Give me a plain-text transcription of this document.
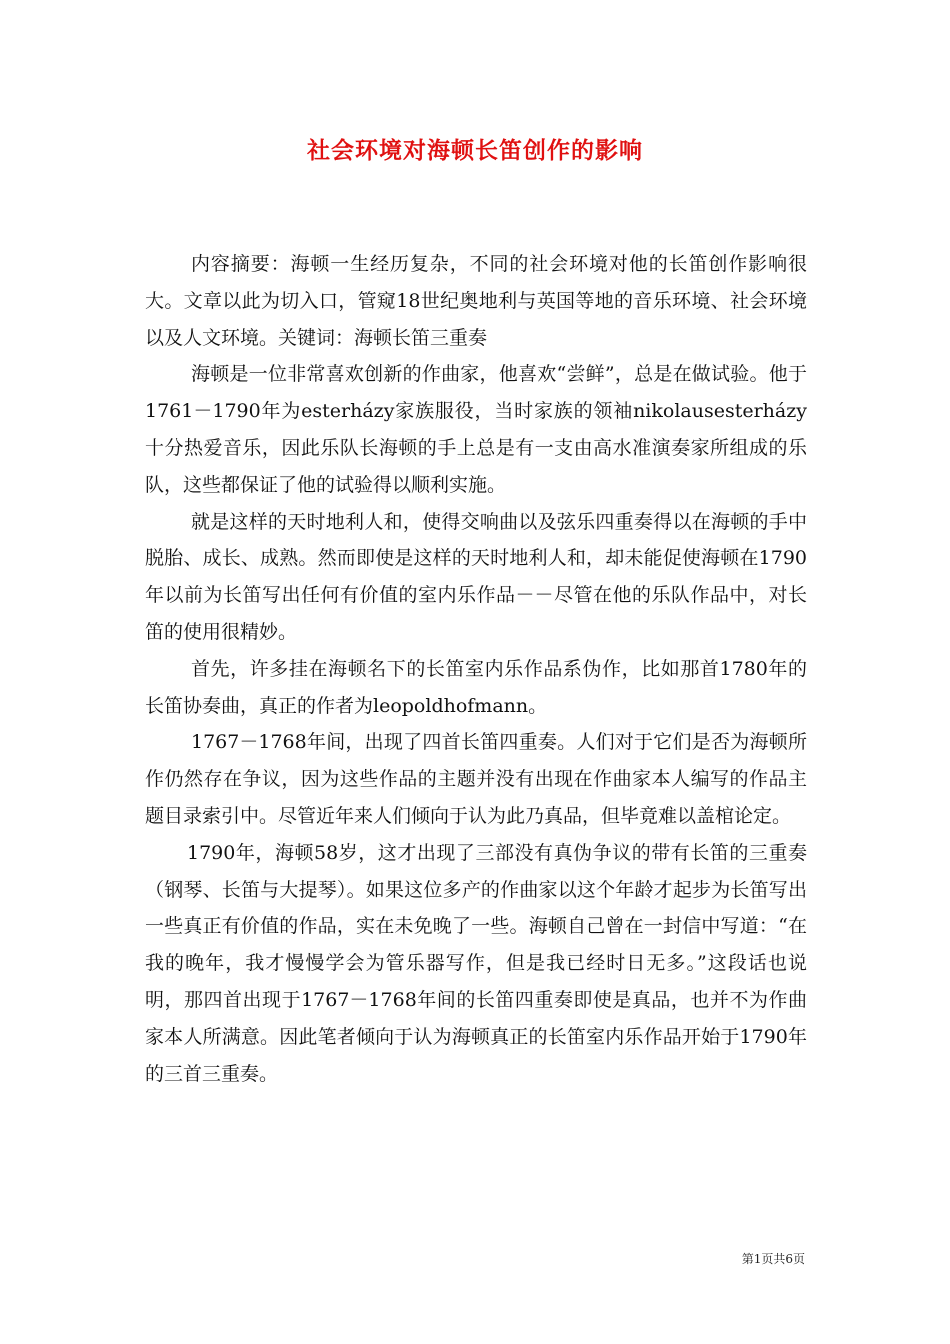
社会环境对海顿长笛创作的影响

内容摘要：海顿一生经历复杂，不同的社会环境对他的长笛创作影响很大。文章以此为切入口，管窥18世纪奥地利与英国等地的音乐环境、社会环境以及人文环境。关键词：海顿长笛三重奏

海顿是一位非常喜欢创新的作曲家，他喜欢“尝鲜”，总是在做试验。他于1761－1790年为esterházy家族服役，当时家族的领袖nikolausesterházy十分热爱音乐，因此乐队长海顿的手上总是有一支由高水准演奏家所组成的乐队，这些都保证了他的试验得以顺利实施。

就是这样的天时地利人和，使得交响曲以及弦乐四重奏得以在海顿的手中脱胎、成长、成熟。然而即使是这样的天时地利人和，却未能促使海顿在1790年以前为长笛写出任何有价值的室内乐作品－－尽管在他的乐队作品中，对长笛的使用很精妙。

首先，许多挂在海顿名下的长笛室内乐作品系伪作，比如那首1780年的长笛协奏曲，真正的作者为leopoldhofmann。

1767－1768年间，出现了四首长笛四重奏。人们对于它们是否为海顿所作仍然存在争议，因为这些作品的主题并没有出现在作曲家本人编写的作品主题目录索引中。尽管近年来人们倾向于认为此乃真品，但毕竟难以盖棺论定。

1790年，海顿58岁，这才出现了三部没有真伪争议的带有长笛的三重奏（钢琴、长笛与大提琴）。如果这位多产的作曲家以这个年龄才起步为长笛写出一些真正有价值的作品，实在未免晚了一些。海顿自己曾在一封信中写道：“在我的晚年，我才慢慢学会为管乐器写作，但是我已经时日无多。”这段话也说明，那四首出现于1767－1768年间的长笛四重奏即使是真品，也并不为作曲家本人所满意。因此笔者倾向于认为海顿真正的长笛室内乐作品开始于1790年的三首三重奏。

第1页共6页
